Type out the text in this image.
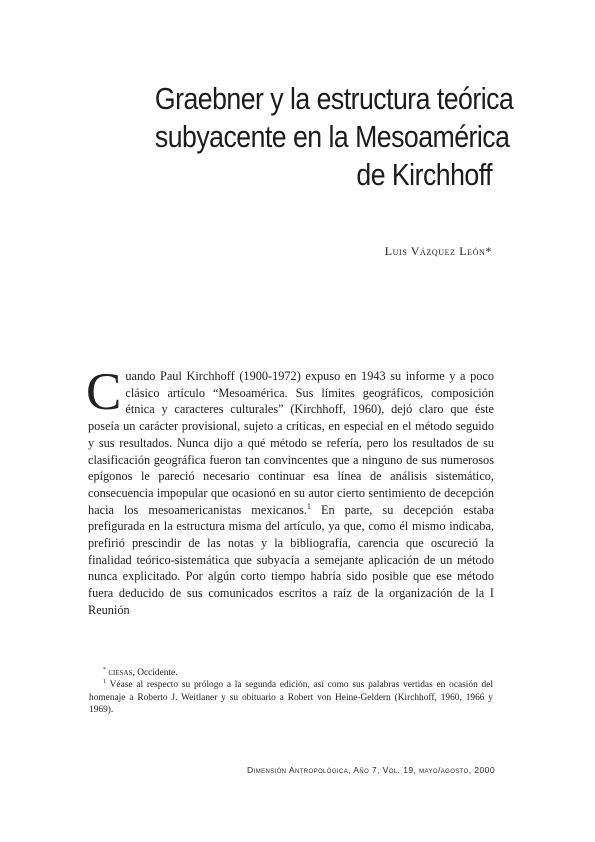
Graebner y la estructura teórica
subyacente en la Mesoamérica
de Kirchhoff
Luis Vázquez León*
Cuando Paul Kirchhoff (1900-1972) expuso en 1943 su informe y a poco clásico artículo “Mesoamérica. Sus límites geográficos, composición étnica y caracteres culturales” (Kirchhoff, 1960), dejó claro que éste poseía un carácter provisional, sujeto a críticas, en especial en el método seguido y sus resultados. Nunca dijo a qué método se refería, pero los resultados de su clasificación geográfica fueron tan convincentes que a ninguno de sus numerosos epígonos le pareció necesario continuar esa línea de análisis sistemático, consecuencia impopular que ocasionó en su autor cierto sentimiento de decepción hacia los mesoamericanistas mexicanos.$^1$ En parte, su decepción estaba prefigurada en la estructura misma del artículo, ya que, como él mismo indicaba, prefirió prescindir de las notas y la bibliografía, carencia que oscureció la finalidad teórico-sistemática que subyacía a semejante aplicación de un método nunca explicitado. Por algún corto tiempo habría sido posible que ese método fuera deducido de sus comunicados escritos a raíz de la organización de la I Reunión

* ciesas, Occidente.

$^1$ Véase al respecto su prólogo a la segunda edición, así como sus palabras vertidas en ocasión del homenaje a Roberto J. Weitlaner y su obituario a Robert von Heine-Geldern (Kirchhoff, 1960, 1966 y 1969).

Dimensión Antropológica, Año 7, Vol. 19, mayo/agosto, 2000
